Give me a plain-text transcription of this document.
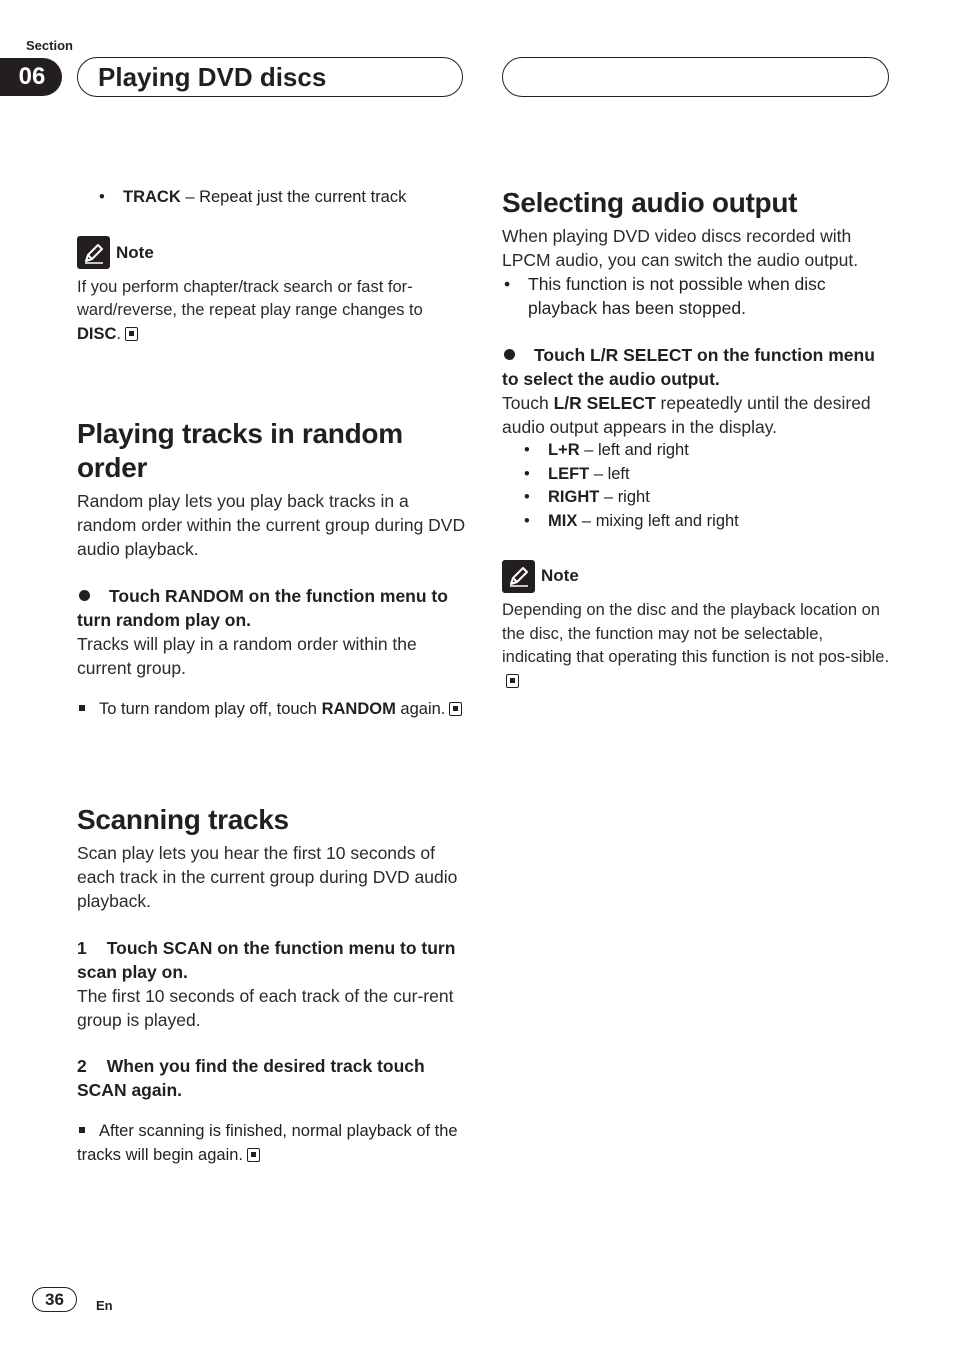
Section
06	Playing DVD discs
•	TRACK – Repeat just the current track
Note

If you perform chapter/track search or fast for-ward/reverse, the repeat play range changes to DISC.

Playing tracks in random order

Random play lets you play back tracks in a random order within the current group during DVD audio playback.

Touch RANDOM on the function menu to turn random play on.

Tracks will play in a random order within the current group.

To turn random play off, touch RANDOM again.

Scanning tracks

Scan play lets you hear the first 10 seconds of each track in the current group during DVD audio playback.

1 Touch SCAN on the function menu to turn scan play on.

The first 10 seconds of each track of the cur-rent group is played.

2 When you find the desired track touch SCAN again.

After scanning is finished, normal playback of the tracks will begin again.

Selecting audio output

When playing DVD video discs recorded with LPCM audio, you can switch the audio output.

•	This function is not possible when disc playback has been stopped.

Touch L/R SELECT on the function menu to select the audio output.

Touch L/R SELECT repeatedly until the desired audio output appears in the display.

•	L+R – left and right
•	LEFT – left
•	RIGHT – right
•	MIX – mixing left and right
Note

Depending on the disc and the playback location on the disc, the function may not be selectable, indicating that operating this function is not pos-sible.

36	En
